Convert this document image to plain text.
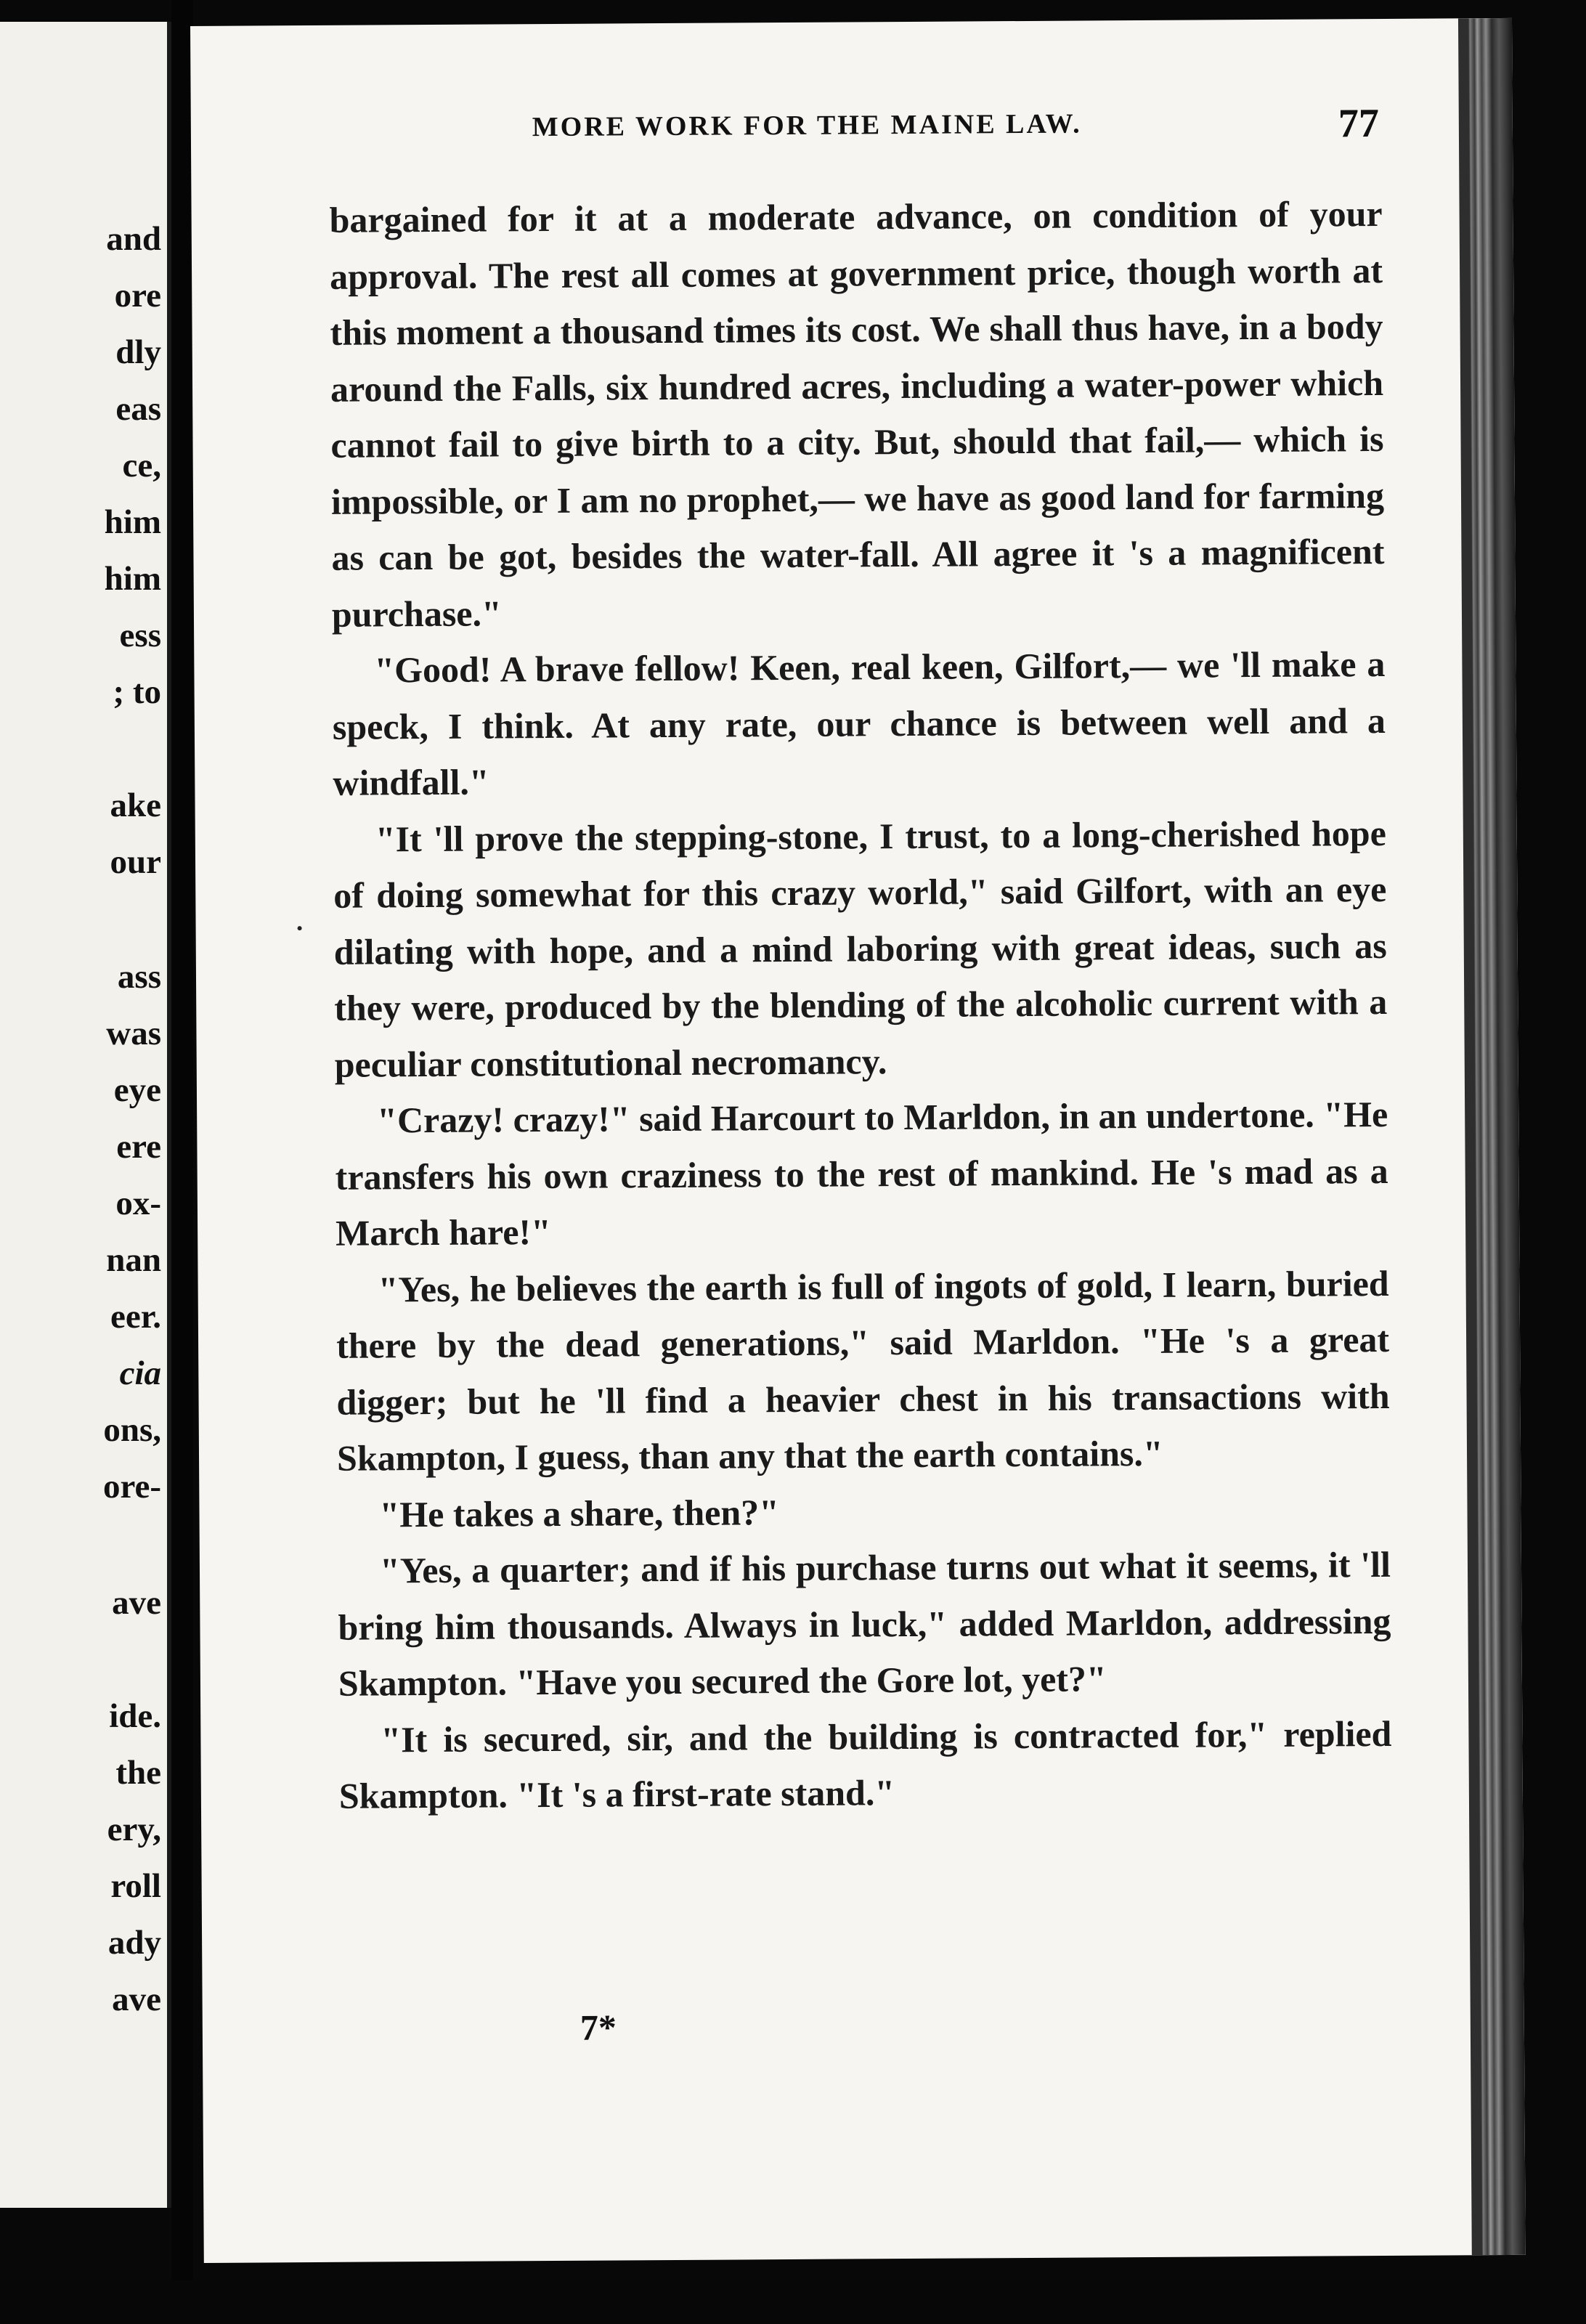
and
ore
dly
eas
ce,
him
him
ess
; to
ake
our
ass
was
eye
ere
ox-
nan
eer.
cia
ons,
ore-
ave
ide.
the
ery,
roll
ady
ave
MORE WORK FOR THE MAINE LAW.	77

bargained for it at a moderate advance, on condition of your approval. The rest all comes at government price, though worth at this moment a thousand times its cost. We shall thus have, in a body around the Falls, six hundred acres, including a water-power which cannot fail to give birth to a city. But, should that fail,— which is impossible, or I am no prophet,— we have as good land for farming as can be got, besides the water-fall. All agree it 's a magnificent purchase."

"Good! A brave fellow! Keen, real keen, Gilfort,— we 'll make a speck, I think. At any rate, our chance is between well and a windfall."

"It 'll prove the stepping-stone, I trust, to a long-cherished hope of doing somewhat for this crazy world," said Gilfort, with an eye dilating with hope, and a mind laboring with great ideas, such as they were, produced by the blending of the alcoholic current with a peculiar constitutional necromancy.

"Crazy! crazy!" said Harcourt to Marldon, in an undertone. "He transfers his own craziness to the rest of mankind. He 's mad as a March hare!"

"Yes, he believes the earth is full of ingots of gold, I learn, buried there by the dead generations," said Marldon. "He 's a great digger; but he 'll find a heavier chest in his transactions with Skampton, I guess, than any that the earth contains."

"He takes a share, then?"

"Yes, a quarter; and if his purchase turns out what it seems, it 'll bring him thousands. Always in luck," added Marldon, addressing Skampton. "Have you secured the Gore lot, yet?"

"It is secured, sir, and the building is contracted for," replied Skampton. "It 's a first-rate stand."

7*
